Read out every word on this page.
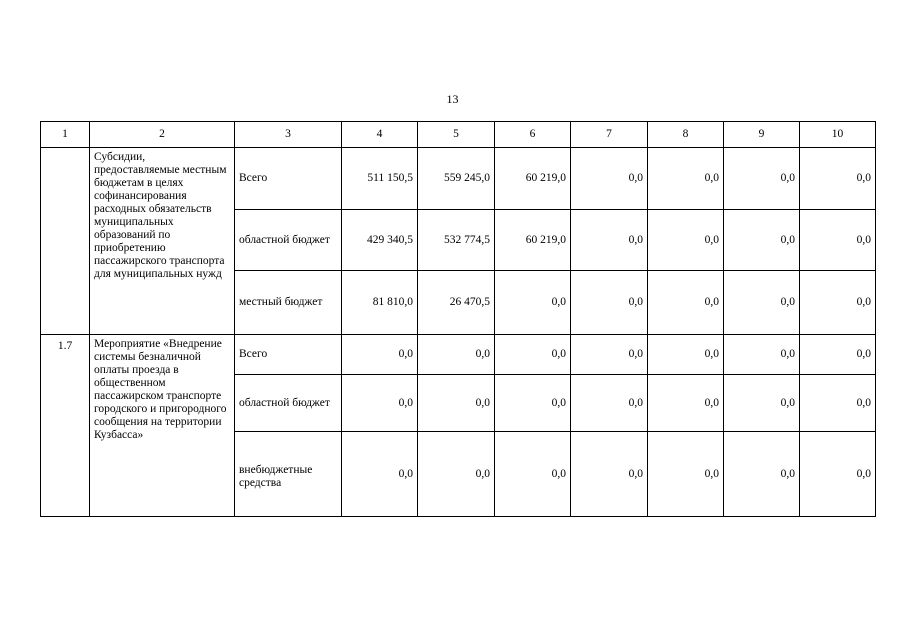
13
1	2	3	4	5	6	7	8	9	10
	Субсидии, предоставляемые местным бюджетам в целях софинансирования расходных обязательств муниципальных образований по приобретению пассажирского транспорта для муниципальных нужд	Всего	511 150,5	559 245,0	60 219,0	0,0	0,0	0,0	0,0
		областной бюджет	429 340,5	532 774,5	60 219,0	0,0	0,0	0,0	0,0
		местный бюджет	81 810,0	26 470,5	0,0	0,0	0,0	0,0	0,0
1.7	Мероприятие «Внедрение системы безналичной оплаты проезда в общественном пассажирском транспорте городского и пригородного сообщения на территории Кузбасса»	Всего	0,0	0,0	0,0	0,0	0,0	0,0	0,0
		областной бюджет	0,0	0,0	0,0	0,0	0,0	0,0	0,0
		внебюджетные средства	0,0	0,0	0,0	0,0	0,0	0,0	0,0
